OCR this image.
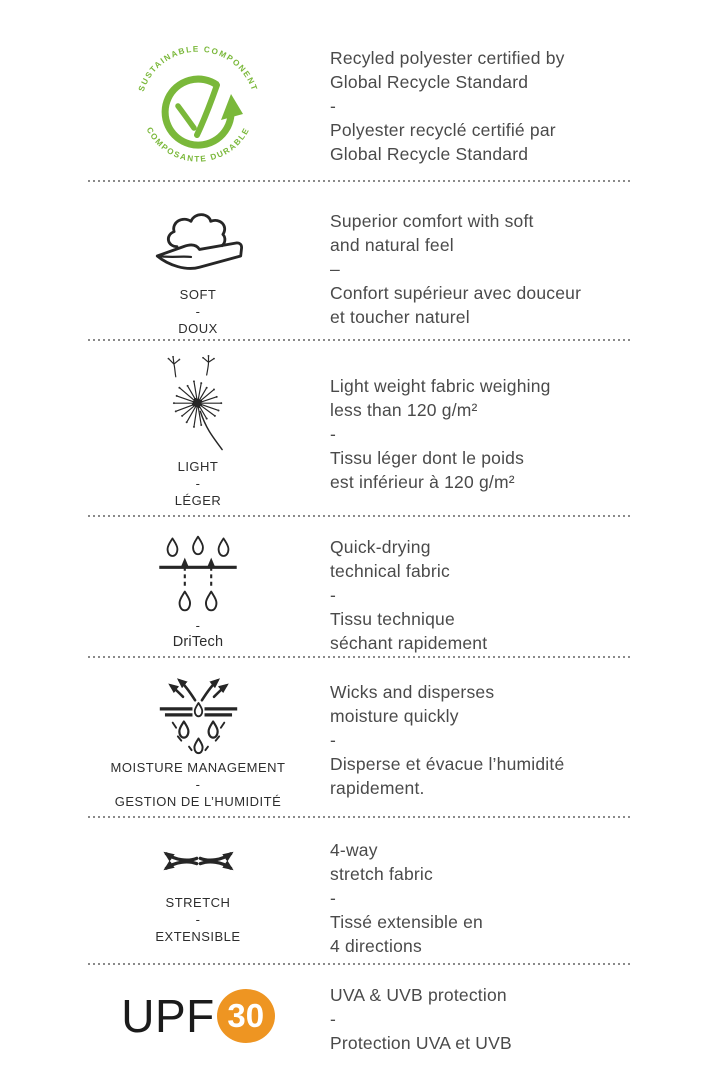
SUSTAINABLE COMPONENT
COMPOSANTE DURABLE
Recyled polyester certified by
Global Recycle Standard
-
Polyester recyclé certifié par
Global Recycle Standard
SOFT
-
DOUX
Superior comfort with soft
and natural feel
–
Confort supérieur avec douceur
et toucher naturel
LIGHT
-
LÉGER
Light weight fabric weighing
less than 120 g/m²
-
Tissu léger dont le poids
est inférieur à 120 g/m²
-
DriTech
Quick-drying
technical fabric
-
Tissu technique
séchant rapidement
MOISTURE MANAGEMENT
-
GESTION DE L’HUMIDITÉ
Wicks and disperses
moisture quickly
-
Disperse et évacue l’humidité
rapidement.
STRETCH
-
EXTENSIBLE
4-way
stretch fabric
-
Tissé extensible en
4 directions
UPF 30
UVA & UVB protection
-
Protection UVA et UVB
